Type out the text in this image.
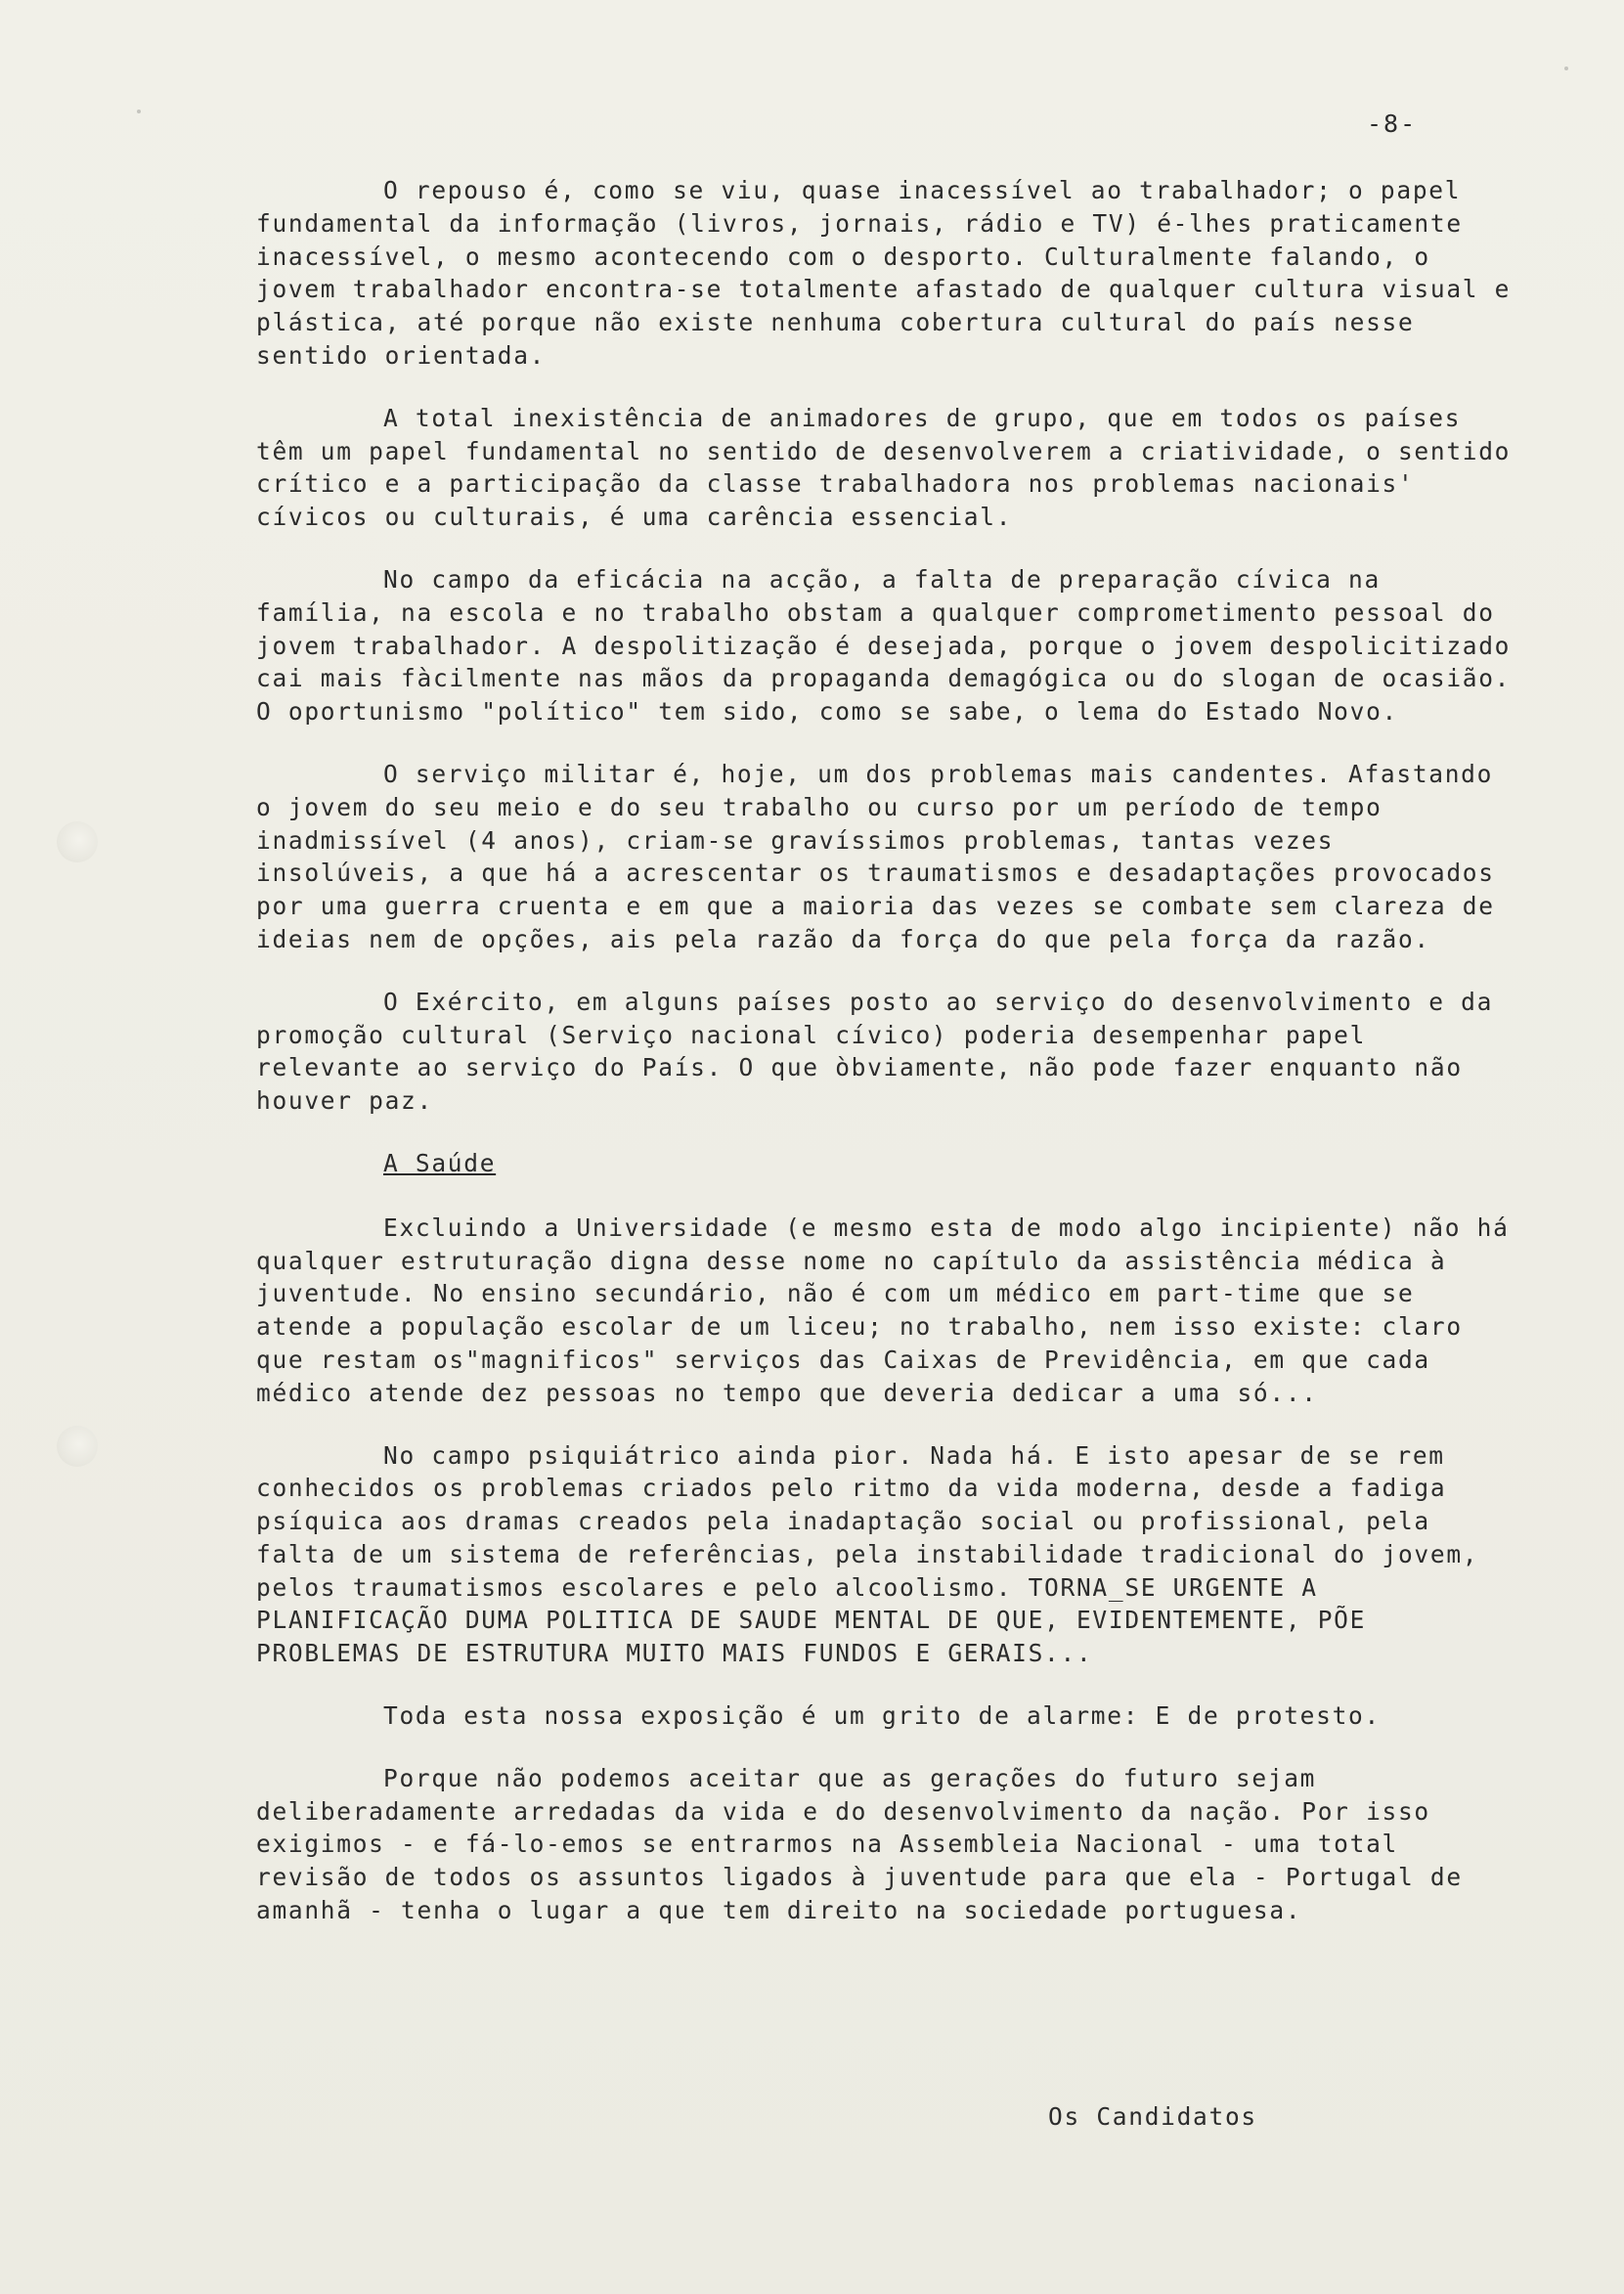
-8-

O repouso é, como se viu, quase inacessível ao trabalhador; o papel fundamental da informação (livros, jornais, rádio e TV) é-lhes praticamente inacessível, o mesmo acontecendo com o desporto. Culturalmente falando, o jovem trabalhador encontra-se totalmente afastado de qualquer cultura visual e plástica, até porque não existe nenhuma cobertura cultural do país nesse sentido orientada.

A total inexistência de animadores de grupo, que em todos os países têm um papel fundamental no sentido de desenvolverem a criatividade, o sentido crítico e a participação da classe trabalhadora nos problemas nacionais' cívicos ou culturais, é uma carência essencial.

No campo da eficácia na acção, a falta de preparação cívica na família, na escola e no trabalho obstam a qualquer comprometimento pessoal do jovem trabalhador. A despolitização é desejada, porque o jovem despolicitizado cai mais fàcilmente nas mãos da propaganda demagógica ou do slogan de ocasião. O oportunismo "político" tem sido, como se sabe, o lema do Estado Novo.

O serviço militar é, hoje, um dos problemas mais candentes. Afastando o jovem do seu meio e do seu trabalho ou curso por um período de tempo inadmissível (4 anos), criam-se gravíssimos problemas, tantas vezes insolúveis, a que há a acrescentar os traumatismos e desadaptações provocados por uma guerra cruenta e em que a maioria das vezes se combate sem clareza de ideias nem de opções, ais pela razão da força do que pela força da razão.

O Exército, em alguns países posto ao serviço do desenvolvimento e da promoção cultural (Serviço nacional cívico) poderia desempenhar papel relevante ao serviço do País. O que òbviamente, não pode fazer enquanto não houver paz.

A Saúde

Excluindo a Universidade (e mesmo esta de modo algo incipiente) não há qualquer estruturação digna desse nome no capítulo da assistência médica à juventude. No ensino secundário, não é com um médico em part-time que se atende a população escolar de um liceu; no trabalho, nem isso existe: claro que restam os"magnificos" serviços das Caixas de Previdência, em que cada médico atende dez pessoas no tempo que deveria dedicar a uma só...

No campo psiquiátrico ainda pior. Nada há. E isto apesar de se rem conhecidos os problemas criados pelo ritmo da vida moderna, desde a fadiga psíquica aos dramas creados pela inadaptação social ou profissional, pela falta de um sistema de referências, pela instabilidade tradicional do jovem, pelos traumatismos escolares e pelo alcoolismo. TORNA_SE URGENTE A PLANIFICAÇÃO DUMA POLITICA DE SAUDE MENTAL DE QUE, EVIDENTEMENTE, PÕE PROBLEMAS DE ESTRUTURA MUITO MAIS FUNDOS E GERAIS...

Toda esta nossa exposição é um grito de alarme: E de protesto.

Porque não podemos aceitar que as gerações do futuro sejam deliberadamente arredadas da vida e do desenvolvimento da nação. Por isso exigimos - e fá-lo-emos se entrarmos na Assembleia Nacional - uma total revisão de todos os assuntos ligados à juventude para que ela - Portugal de amanhã - tenha o lugar a que tem direito na sociedade portuguesa.

Os Candidatos
